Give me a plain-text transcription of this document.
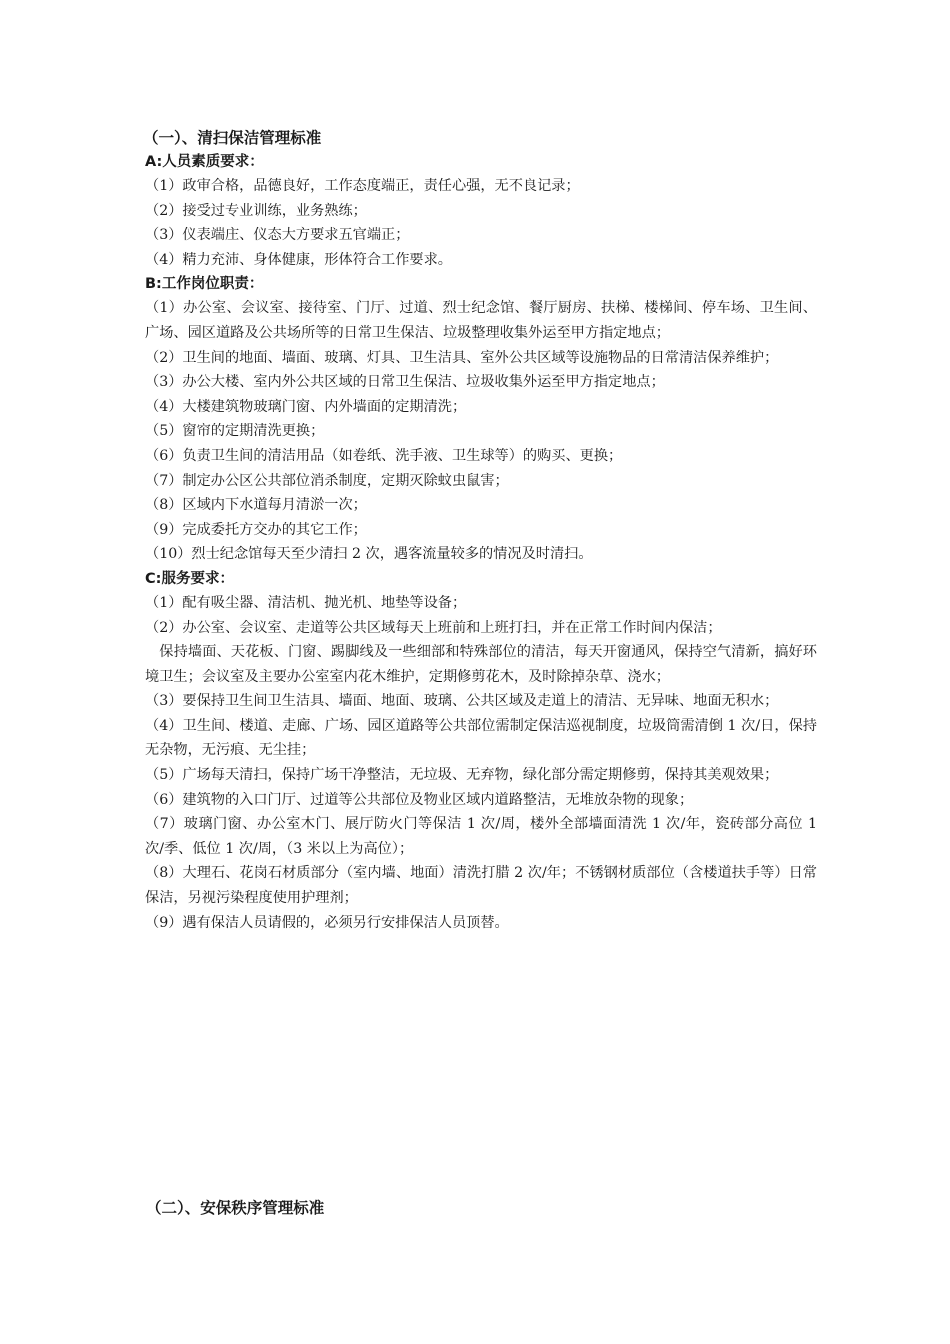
（一）、清扫保洁管理标准
A:人员素质要求：

（1）政审合格，品德良好，工作态度端正，责任心强，无不良记录；

（2）接受过专业训练，业务熟练；

（3）仪表端庄、仪态大方要求五官端正；

（4）精力充沛、身体健康，形体符合工作要求。

B:工作岗位职责：

（1）办公室、会议室、接待室、门厅、过道、烈士纪念馆、餐厅厨房、扶梯、楼梯间、停车场、卫生间、广场、园区道路及公共场所等的日常卫生保洁、垃圾整理收集外运至甲方指定地点；

（2）卫生间的地面、墙面、玻璃、灯具、卫生洁具、室外公共区域等设施物品的日常清洁保养维护；

（3）办公大楼、室内外公共区域的日常卫生保洁、垃圾收集外运至甲方指定地点；

（4）大楼建筑物玻璃门窗、内外墙面的定期清洗；

（5）窗帘的定期清洗更换；

（6）负责卫生间的清洁用品（如卷纸、洗手液、卫生球等）的购买、更换；

（7）制定办公区公共部位消杀制度，定期灭除蚊虫鼠害；

（8）区域内下水道每月清淤一次；

（9）完成委托方交办的其它工作；

（10）烈士纪念馆每天至少清扫 2 次，遇客流量较多的情况及时清扫。

C:服务要求：

（1）配有吸尘器、清洁机、抛光机、地垫等设备；

（2）办公室、会议室、走道等公共区域每天上班前和上班打扫，并在正常工作时间内保洁；

　保持墙面、天花板、门窗、踢脚线及一些细部和特殊部位的清洁，每天开窗通风，保持空气清新，搞好环境卫生；会议室及主要办公室室内花木维护，定期修剪花木，及时除掉杂草、浇水；

（3）要保持卫生间卫生洁具、墙面、地面、玻璃、公共区域及走道上的清洁、无异味、地面无积水；

（4）卫生间、楼道、走廊、广场、园区道路等公共部位需制定保洁巡视制度，垃圾筒需清倒 1 次/日，保持无杂物，无污痕、无尘挂；

（5）广场每天清扫，保持广场干净整洁，无垃圾、无弃物，绿化部分需定期修剪，保持其美观效果；

（6）建筑物的入口门厅、过道等公共部位及物业区域内道路整洁，无堆放杂物的现象；

（7）玻璃门窗、办公室木门、展厅防火门等保洁 1 次/周，楼外全部墙面清洗 1 次/年，瓷砖部分高位 1 次/季、低位 1 次/周，（3 米以上为高位）；

（8）大理石、花岗石材质部分（室内墙、地面）清洗打腊 2 次/年；不锈钢材质部位（含楼道扶手等）日常保洁，另视污染程度使用护理剂；

（9）遇有保洁人员请假的，必须另行安排保洁人员顶替。

（二）、安保秩序管理标准
